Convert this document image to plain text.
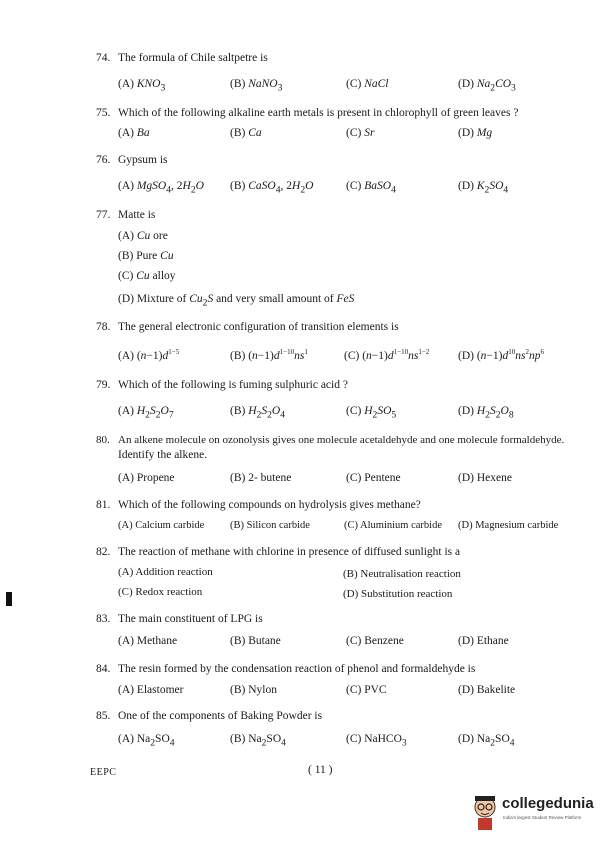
74. The formula of Chile saltpetre is
(A) $KNO_3$	(B) NaNO$_3$	(C) NaCl	(D) $Na_2CO_3$
75. Which of the following alkaline earth metals is present in chlorophyll of green leaves ?
(A) Ba	(B) Ca	(C) Sr	(D) Mg
76. Gypsum is
(A) MgSO$_4$, $2H_2O$ (B) CaSO$_4$, $2H_2O$	(C) BaSO$_4$	(D) $K_2SO_4$
77. Matte is
(A) Cu ore
(B) Pure Cu
(C) Cu alloy
(D) Mixture of $Cu_2S$ and very small amount of FeS
78. The general electronic configuration of transition elements is
(A) $(n-1)d^{1-5}$	(B) $(n-1)d^{1-10}ns^1$	(C) $(n-1)d^{1-10}ns^{1-2}$ (D) $(n-1)d^{10}ns^2np^6$
79. Which of the following is fuming sulphuric acid ?
(A) $H_2S_2O_7$	(B) $H_2S_2O_4$	(C) $H_2SO_5$	(D) $H_2S_2O_8$
80. An alkene molecule on ozonolysis gives one molecule acetaldehyde and one molecule formaldehyde.
Identify the alkene.
(A) Propene	(B) 2- butene	(C) Pentene	(D) Hexene
81. Which of the following compounds on hydrolysis gives methane?
(A) Calcium carbide (B) Silicon carbide	(C) Aluminium carbide (D) Magnesium carbide
82. The reaction of methane with chlorine in presence of diffused sunlight is a
(A) Addition reaction	(B) Neutralisation reaction
(C) Redox reaction	(D) Substitution reaction
83. The main constituent of LPG is
(A) Methane	(B) Butane	(C) Benzene	(D) Ethane
84. The resin formed by the condensation reaction of phenol and formaldehyde is
(A) Elastomer	(B) Nylon	(C) PVC	(D) Bakelite
85. One of the components of Baking Powder is
(A) $Na_2SO_4$	(B) $Na_2SO_4$	(C) NaHCO$_3$	(D) $Na_2SO_4$
EEPC	( 11 )
collegedunia
India's largest Student Review Platform
